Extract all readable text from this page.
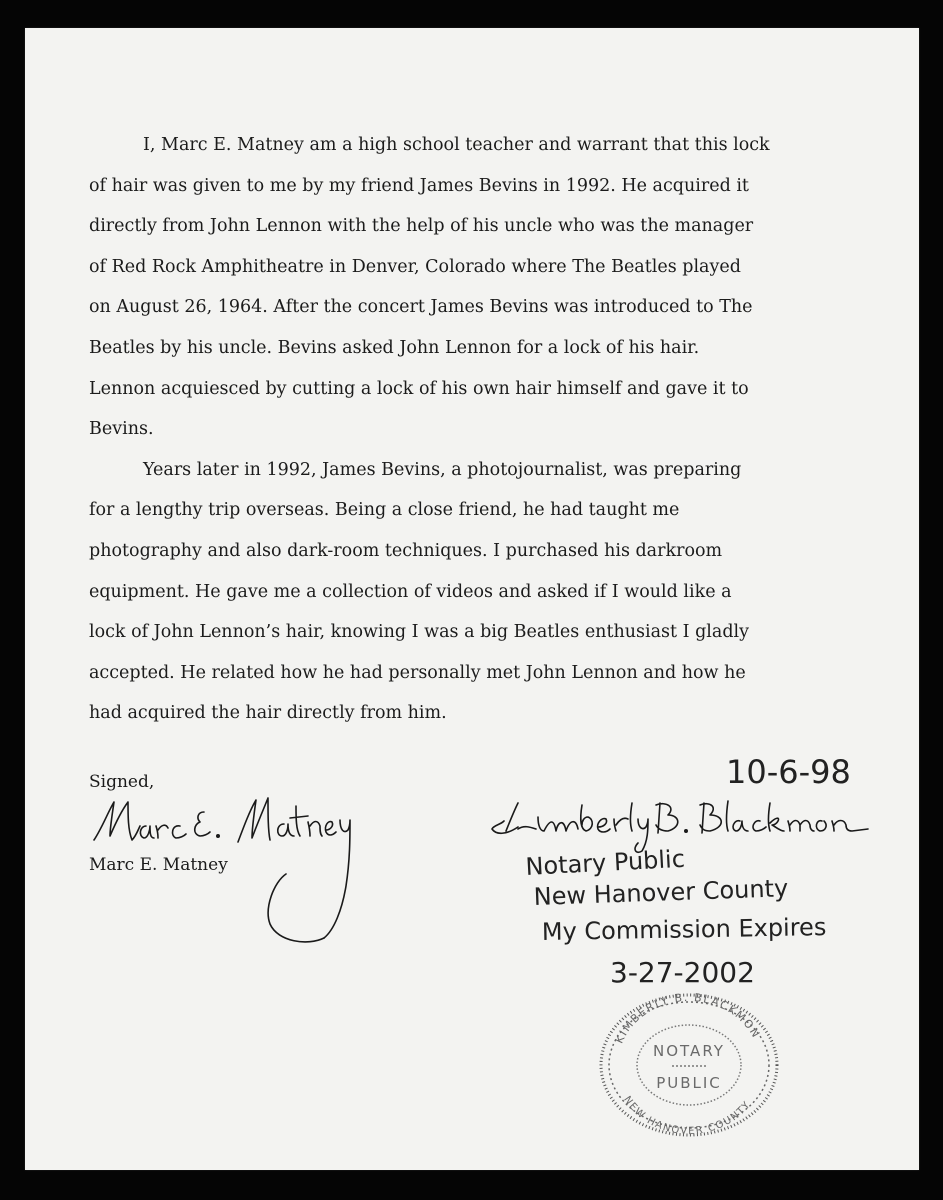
I, Marc E. Matney am a high school teacher and warrant that this lock
of hair was given to me by my friend James Bevins in 1992. He acquired it
directly from John Lennon with the help of his uncle who was the manager
of Red Rock Amphitheatre in Denver, Colorado where The Beatles played
on August 26, 1964. After the concert James Bevins was introduced to The
Beatles by his uncle. Bevins asked John Lennon for a lock of his hair.
Lennon acquiesced by cutting a lock of his own hair himself and gave it to
Bevins.
Years later in 1992, James Bevins, a photojournalist, was preparing
for a lengthy trip overseas. Being a close friend, he had taught me
photography and also dark-room techniques. I purchased his darkroom
equipment. He gave me a collection of videos and asked if I would like a
lock of John Lennon’s hair, knowing I was a big Beatles enthusiast I gladly
accepted. He related how he had personally met John Lennon and how he
had acquired the hair directly from him.
Signed,
Marc E. Matney
10-6-98
Notary Public
New Hanover County
My Commission Expires
3-27-2002
KIMBERLY B. BLACKMON
NEW HANOVER COUNTY
NOTARY
PUBLIC
